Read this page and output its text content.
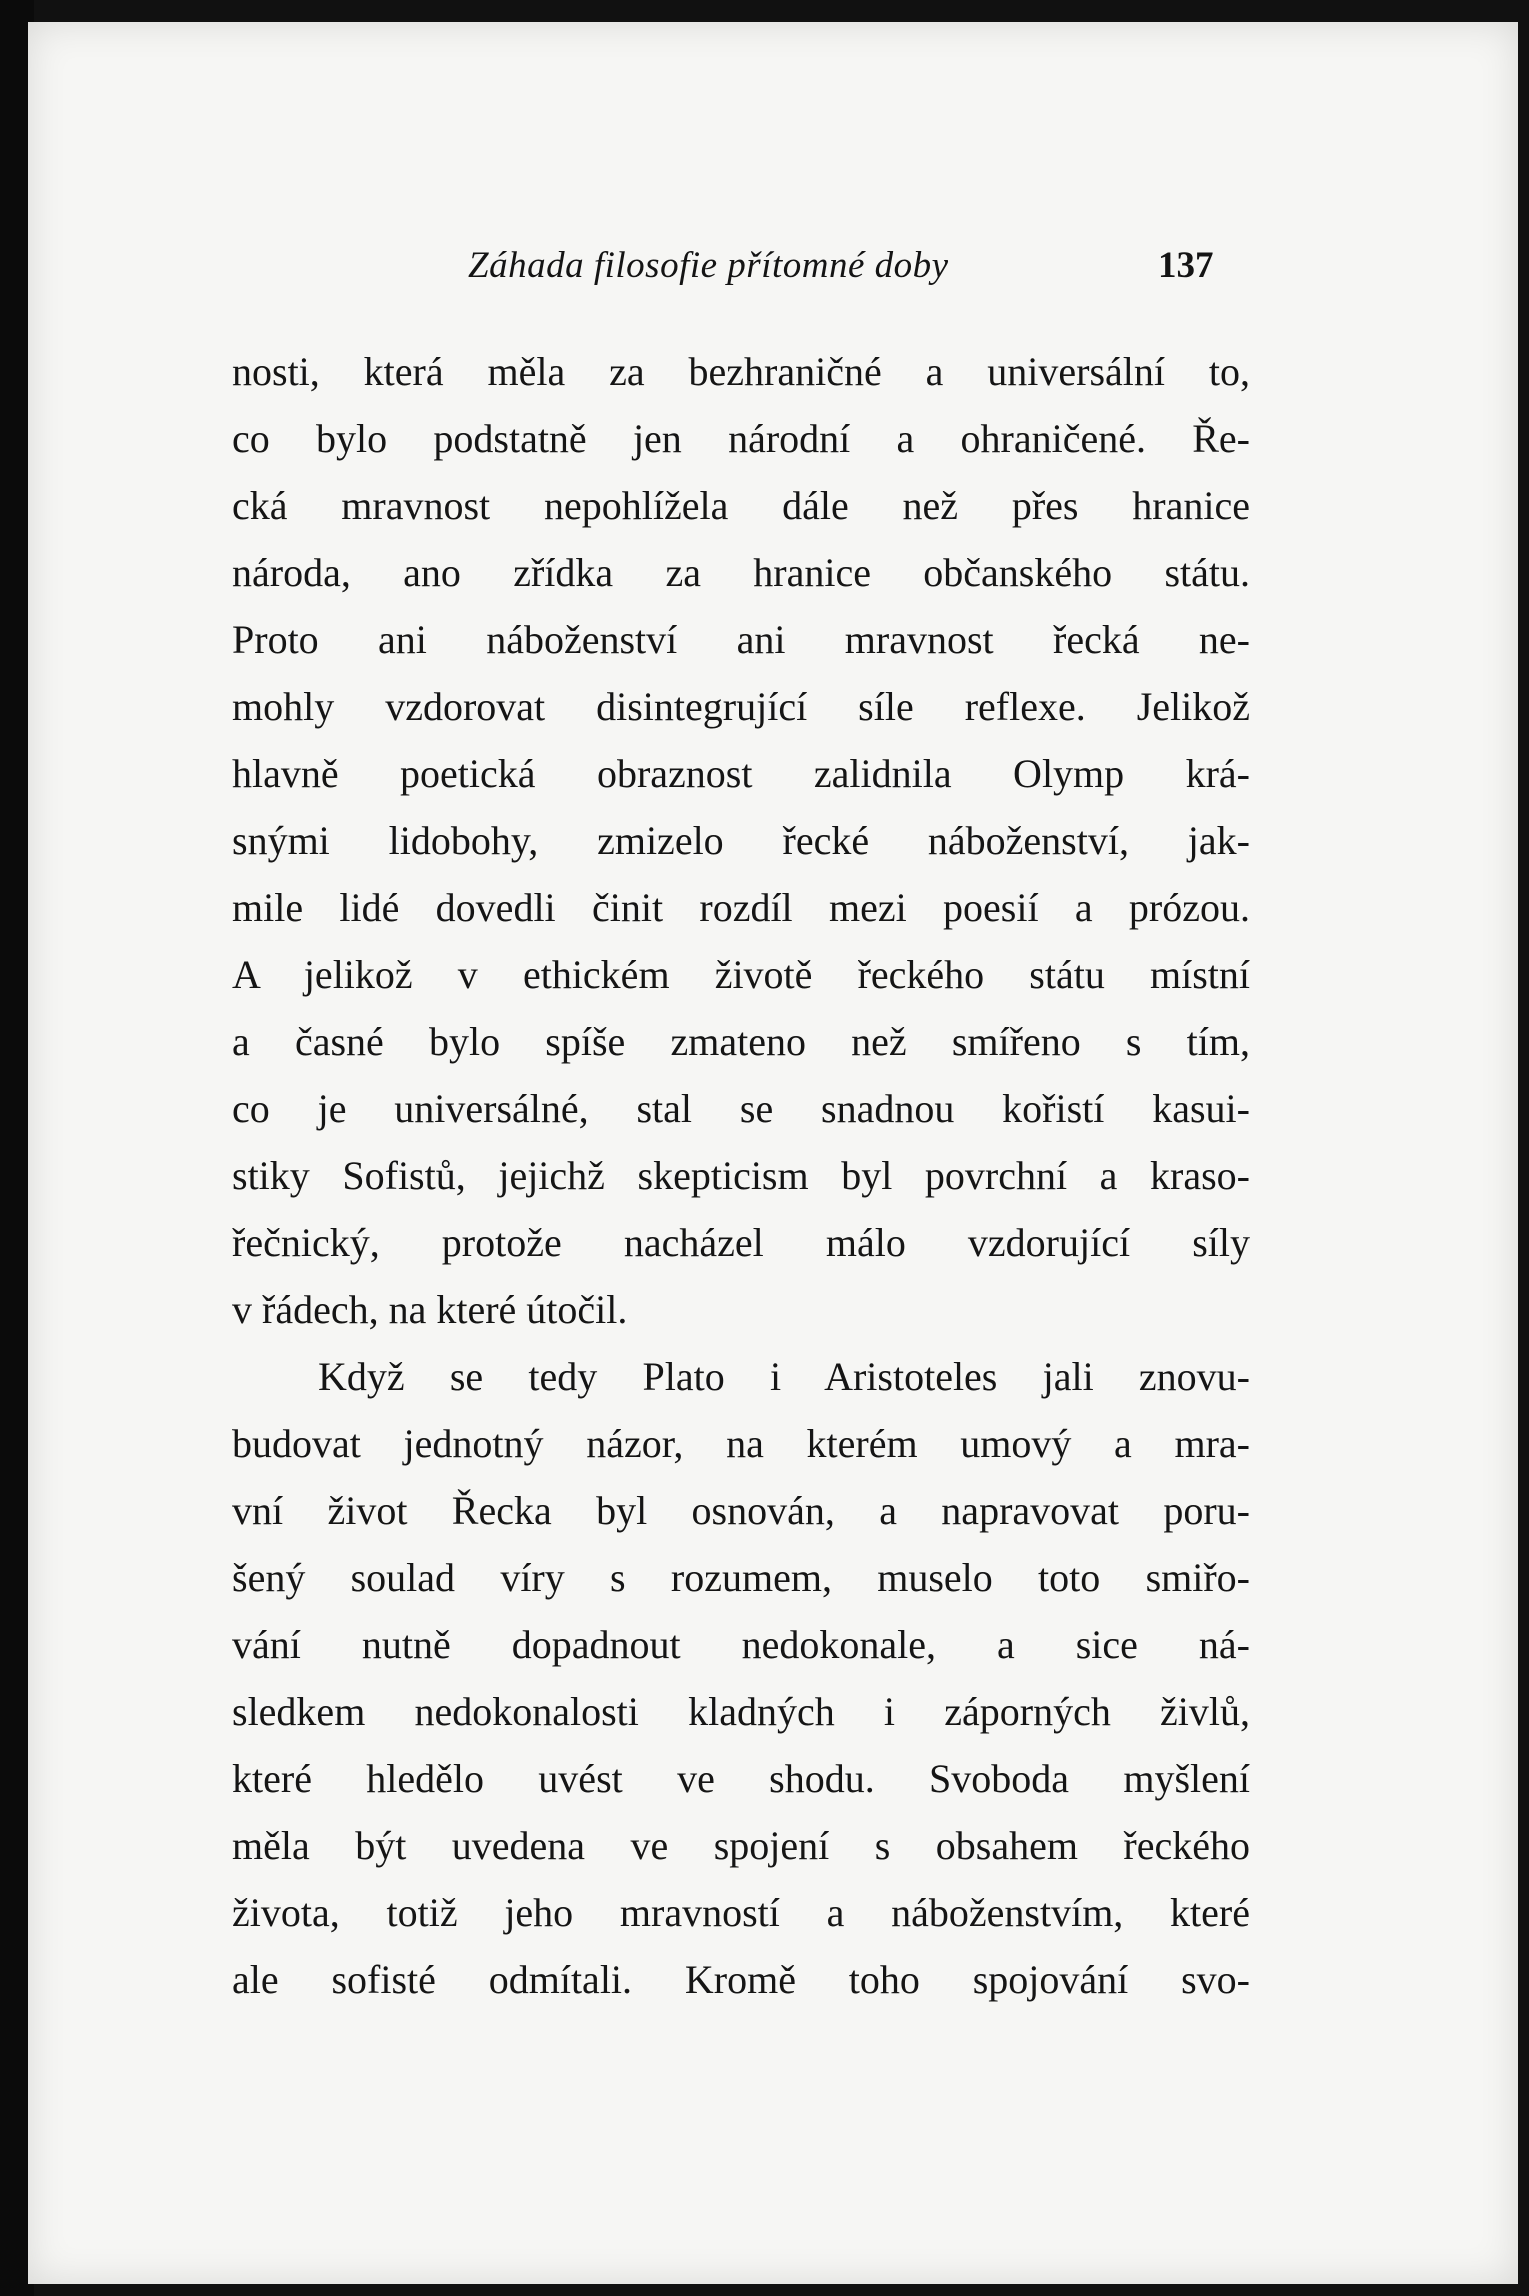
Záhada filosofie přítomné doby	137
nosti, která měla za bezhraničné a universální to,
co bylo podstatně jen národní a ohraničené. Ře-
cká mravnost nepohlížela dále než přes hranice
národa, ano zřídka za hranice občanského státu.
Proto ani náboženství ani mravnost řecká ne-
mohly vzdorovat disintegrující síle reflexe. Jelikož
hlavně poetická obraznost zalidnila Olymp krá-
snými lidobohy, zmizelo řecké náboženství, jak-
mile lidé dovedli činit rozdíl mezi poesií a prózou.
A jelikož v ethickém životě řeckého státu místní
a časné bylo spíše zmateno než smířeno s tím,
co je universálné, stal se snadnou kořistí kasui-
stiky Sofistů, jejichž skepticism byl povrchní a kraso-
řečnický, protože nacházel málo vzdorující síly
v řádech, na které útočil.
Když se tedy Plato i Aristoteles jali znovu-
budovat jednotný názor, na kterém umový a mra-
vní život Řecka byl osnován, a napravovat poru-
šený soulad víry s rozumem, muselo toto smiřo-
vání nutně dopadnout nedokonale, a sice ná-
sledkem nedokonalosti kladných i záporných živlů,
které hledělo uvést ve shodu. Svoboda myšlení
měla být uvedena ve spojení s obsahem řeckého
života, totiž jeho mravností a náboženstvím, které
ale sofisté odmítali. Kromě toho spojování svo-
